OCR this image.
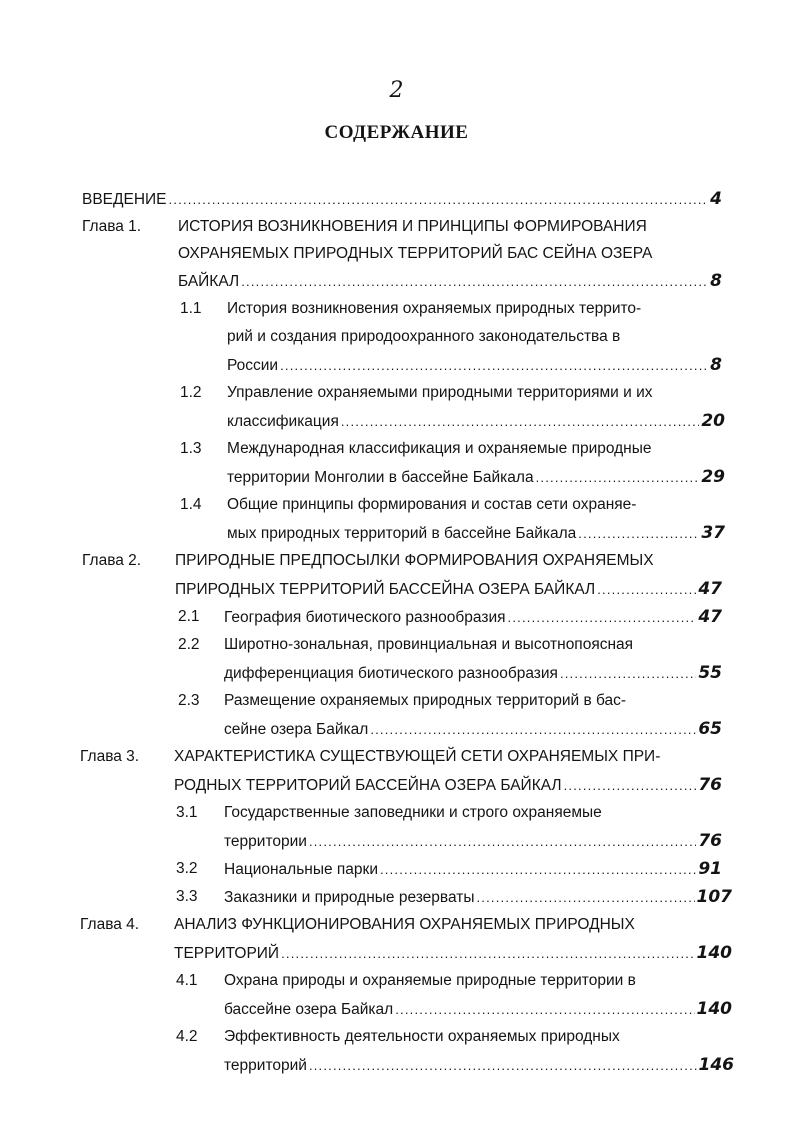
2
СОДЕРЖАНИЕ
ВВЕДЕНИЕ .....	4
Глава 1. ИСТОРИЯ ВОЗНИКНОВЕНИЯ И ПРИНЦИПЫ ФОРМИРОВАНИЯ
ОХРАНЯЕМЫХ ПРИРОДНЫХ ТЕРРИТОРИЙ БАС СЕЙНА ОЗЕРА
БАЙКАЛ .....	8
1.1 История возникновения охраняемых природных террито-
рий и создания природоохранного законодательства в
России .....	8
1.2 Управление охраняемыми природными территориями и их
классификация .....	20
1.3 Международная классификация и охраняемые природные
территории Монголии в бассейне Байкала .....	29
1.4 Общие принципы формирования и состав сети охраняе-
мых природных территорий в бассейне Байкала .....	37
Глава 2. ПРИРОДНЫЕ ПРЕДПОСЫЛКИ ФОРМИРОВАНИЯ ОХРАНЯЕМЫХ
ПРИРОДНЫХ ТЕРРИТОРИЙ БАССЕЙНА ОЗЕРА БАЙКАЛ .....	47
2.1 География биотического разнообразия .....	47
2.2 Широтно-зональная, провинциальная и высотнопоясная
дифференциация биотического разнообразия .....	55
2.3 Размещение охраняемых природных территорий в бас-
сейне озера Байкал .....	65
Глава 3. ХАРАКТЕРИСТИКА СУЩЕСТВУЮЩЕЙ СЕТИ ОХРАНЯЕМЫХ ПРИ-
РОДНЫХ ТЕРРИТОРИЙ БАССЕЙНА ОЗЕРА БАЙКАЛ .....	76
3.1 Государственные заповедники и строго охраняемые
территории .....	76
3.2 Национальные парки .....	91
3.3 Заказники и природные резерваты .....	107
Глава 4. АНАЛИЗ ФУНКЦИОНИРОВАНИЯ ОХРАНЯЕМЫХ ПРИРОДНЫХ
ТЕРРИТОРИЙ .....	140
4.1 Охрана природы и охраняемые природные территории в
бассейне озера Байкал .....	140
4.2 Эффективность деятельности охраняемых природных
территорий .....	146
